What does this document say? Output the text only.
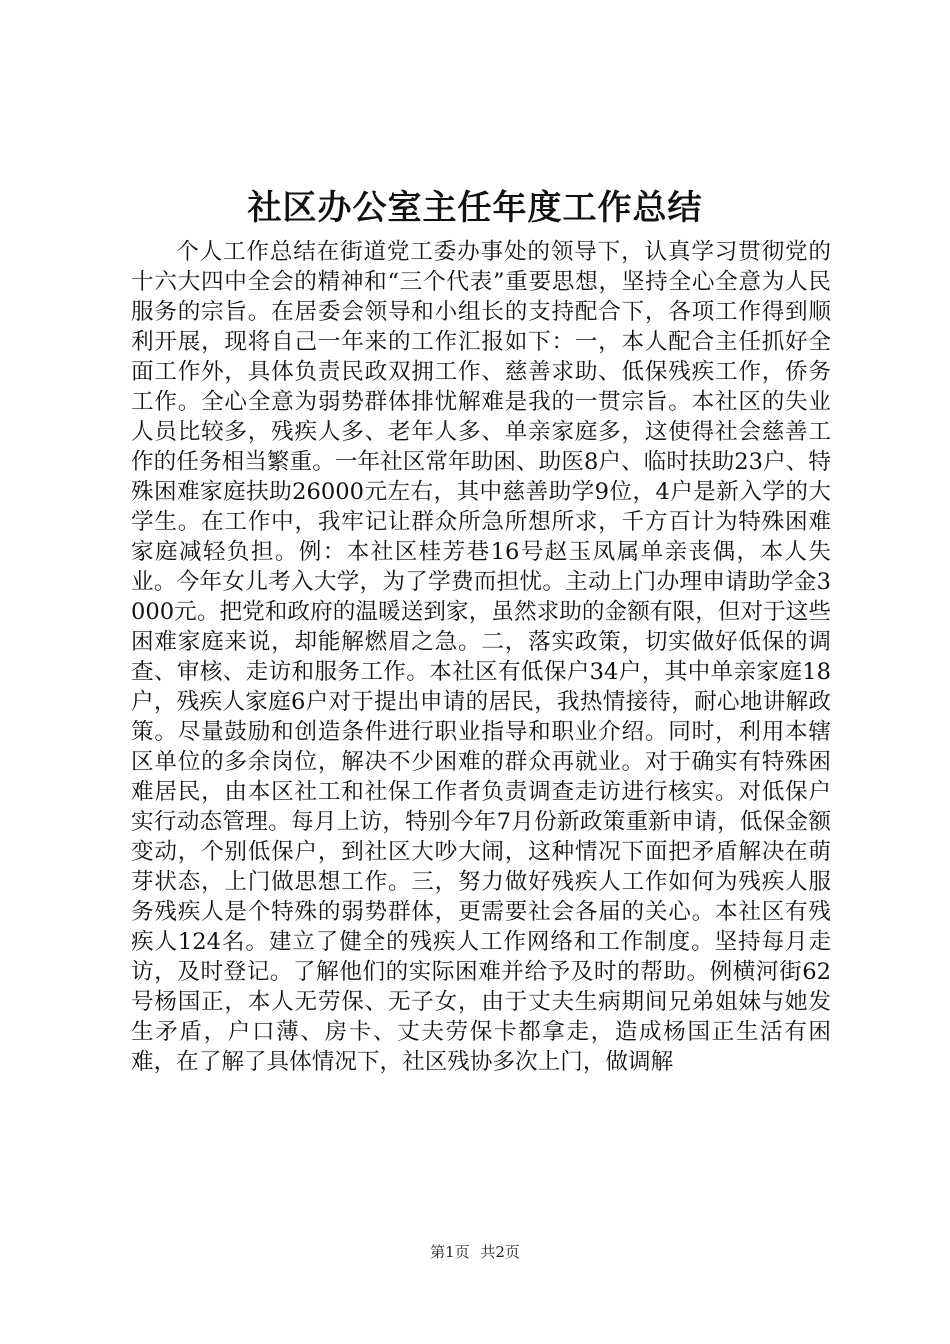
社区办公室主任年度工作总结

个人工作总结在街道党工委办事处的领导下，认真学习贯彻党的十六大四中全会的精神和“三个代表”重要思想，坚持全心全意为人民服务的宗旨。在居委会领导和小组长的支持配合下，各项工作得到顺利开展，现将自己一年来的工作汇报如下：一，本人配合主任抓好全面工作外，具体负责民政双拥工作、慈善求助、低保残疾工作，侨务工作。全心全意为弱势群体排忧解难是我的一贯宗旨。本社区的失业人员比较多，残疾人多、老年人多、单亲家庭多，这使得社会慈善工作的任务相当繁重。一年社区常年助困、助医8户、临时扶助23户、特殊困难家庭扶助26000元左右，其中慈善助学9位，4户是新入学的大学生。在工作中，我牢记让群众所急所想所求，千方百计为特殊困难家庭减轻负担。例：本社区桂芳巷16号赵玉凤属单亲丧偶，本人失业。今年女儿考入大学，为了学费而担忧。主动上门办理申请助学金3000元。把党和政府的温暖送到家，虽然求助的金额有限，但对于这些困难家庭来说，却能解燃眉之急。二，落实政策，切实做好低保的调查、审核、走访和服务工作。本社区有低保户34户，其中单亲家庭18户，残疾人家庭6户对于提出申请的居民，我热情接待，耐心地讲解政策。尽量鼓励和创造条件进行职业指导和职业介绍。同时，利用本辖区单位的多余岗位，解决不少困难的群众再就业。对于确实有特殊困难居民，由本区社工和社保工作者负责调查走访进行核实。对低保户实行动态管理。每月上访，特别今年7月份新政策重新申请，低保金额变动，个别低保户，到社区大吵大闹，这种情况下面把矛盾解决在萌芽状态，上门做思想工作。三，努力做好残疾人工作如何为残疾人服务残疾人是个特殊的弱势群体，更需要社会各届的关心。本社区有残疾人124名。建立了健全的残疾人工作网络和工作制度。坚持每月走访，及时登记。了解他们的实际困难并给予及时的帮助。例横河街62号杨国正，本人无劳保、无子女，由于丈夫生病期间兄弟姐妹与她发生矛盾，户口薄、房卡、丈夫劳保卡都拿走，造成杨国正生活有困难，在了解了具体情况下，社区残协多次上门，做调解

第1页 共2页
